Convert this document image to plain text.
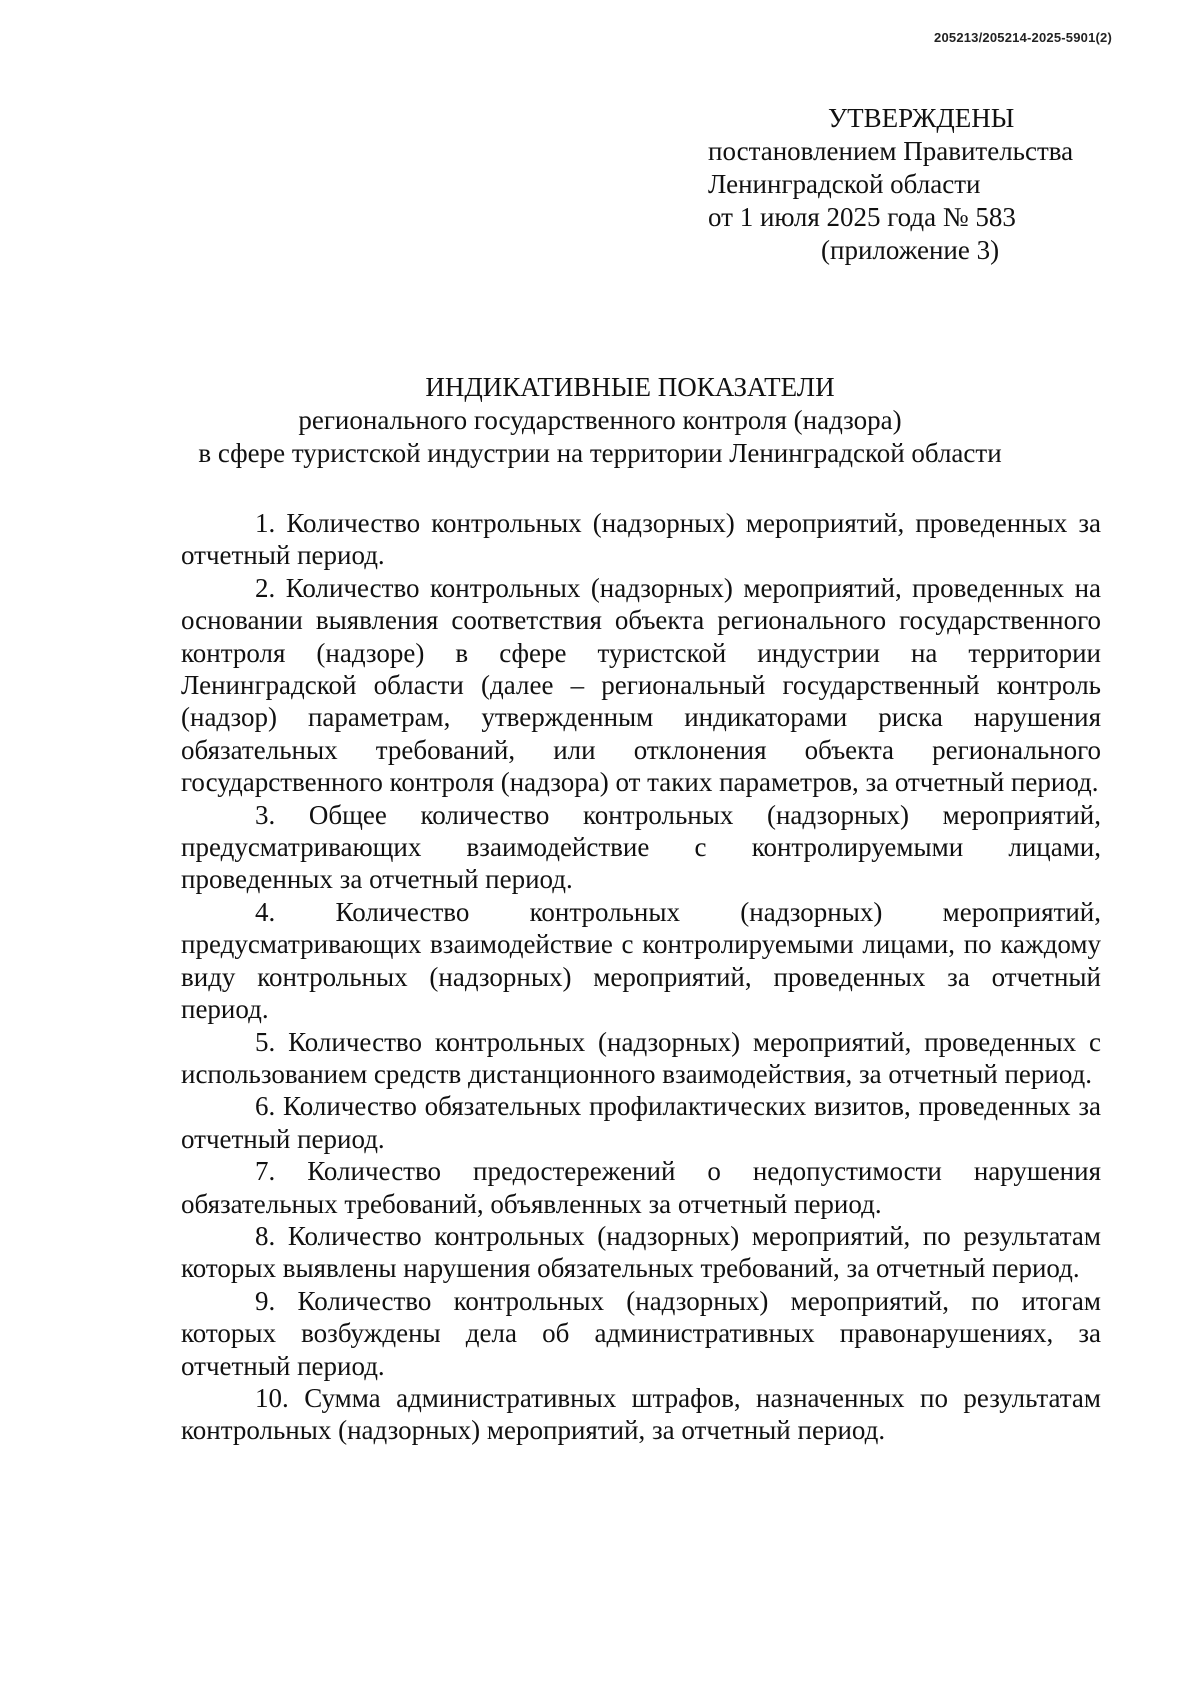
205213/205214-2025-5901(2)
УТВЕРЖДЕНЫ
постановлением Правительства
Ленинградской области
от 1 июля 2025 года № 583
(приложение 3)
ИНДИКАТИВНЫЕ ПОКАЗАТЕЛИ
регионального государственного контроля (надзора)
в сфере туристской индустрии на территории Ленинградской области

1. Количество контрольных (надзорных) мероприятий, проведенных за отчетный период.

2. Количество контрольных (надзорных) мероприятий, проведенных на основании выявления соответствия объекта регионального государственного контроля (надзоре) в сфере туристской индустрии на территории Ленинградской области (далее – региональный государственный контроль (надзор) параметрам, утвержденным индикаторами риска нарушения обязательных требований, или отклонения объекта регионального государственного контроля (надзора) от таких параметров, за отчетный период.

3. Общее количество контрольных (надзорных) мероприятий, предусматривающих взаимодействие с контролируемыми лицами, проведенных за отчетный период.

4. Количество контрольных (надзорных) мероприятий, предусматривающих взаимодействие с контролируемыми лицами, по каждому виду контрольных (надзорных) мероприятий, проведенных за отчетный период.

5. Количество контрольных (надзорных) мероприятий, проведенных с использованием средств дистанционного взаимодействия, за отчетный период.

6. Количество обязательных профилактических визитов, проведенных за отчетный период.

7. Количество предостережений о недопустимости нарушения обязательных требований, объявленных за отчетный период.

8. Количество контрольных (надзорных) мероприятий, по результатам которых выявлены нарушения обязательных требований, за отчетный период.

9. Количество контрольных (надзорных) мероприятий, по итогам которых возбуждены дела об административных правонарушениях, за отчетный период.

10. Сумма административных штрафов, назначенных по результатам контрольных (надзорных) мероприятий, за отчетный период.
